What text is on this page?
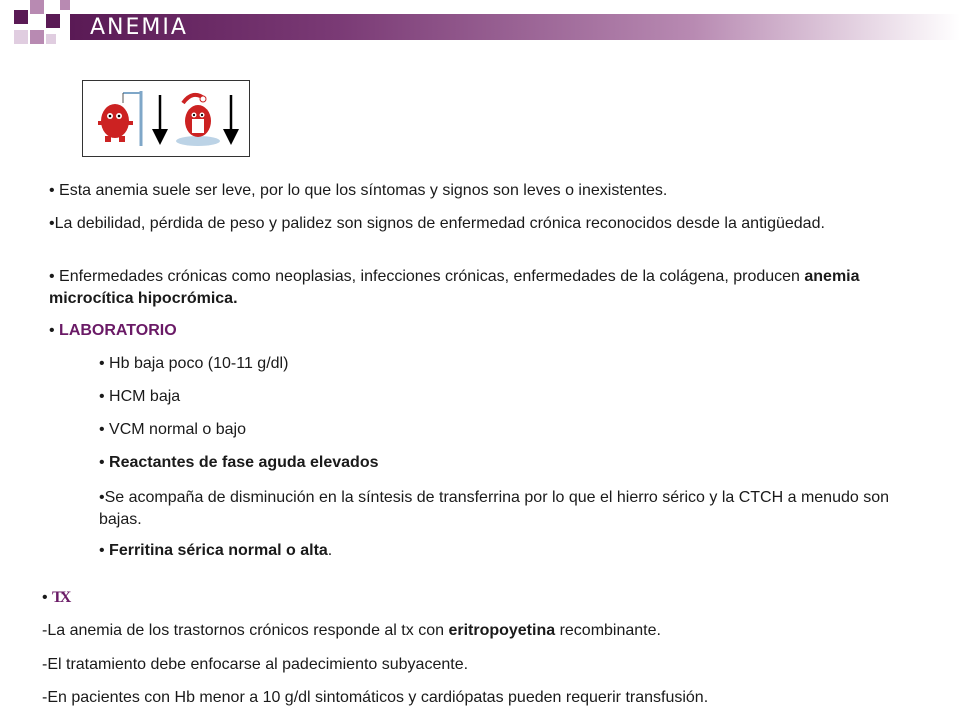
ANEMIA
• Esta anemia suele ser leve, por lo que los síntomas y signos son leves o inexistentes.
•La debilidad, pérdida de peso y palidez son signos de enfermedad crónica reconocidos desde la antigüedad.
• Enfermedades crónicas como neoplasias, infecciones crónicas, enfermedades de la colágena, producen anemia microcítica hipocrómica.
• LABORATORIO
• Hb baja poco (10-11 g/dl)
• HCM baja
• VCM normal o bajo
• Reactantes de fase aguda elevados
•Se acompaña de disminución en la síntesis de transferrina por lo que el hierro sérico y la CTCH a menudo son bajas.
• Ferritina sérica normal o alta.
• TX
-La anemia de los trastornos crónicos responde al tx con eritropoyetina recombinante.
-El tratamiento debe enfocarse al padecimiento subyacente.
-En pacientes con Hb menor a 10 g/dl sintomáticos y cardiópatas pueden requerir transfusión.
